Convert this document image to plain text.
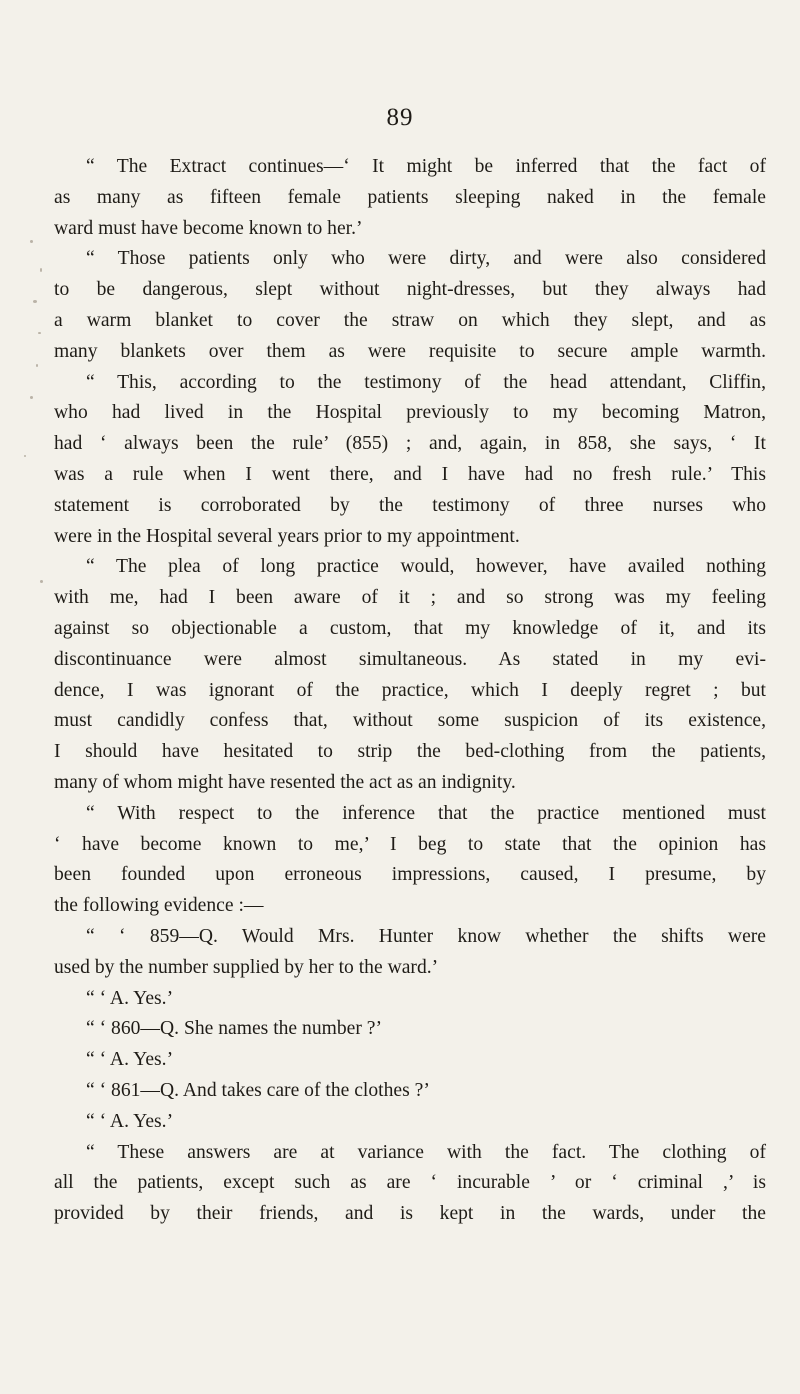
89
“ The Extract continues—‘ It might be inferred that the fact of
as many as fifteen female patients sleeping naked in the female
ward must have become known to her.’
“ Those patients only who were dirty, and were also considered
to be dangerous, slept without night-dresses, but they always had
a warm blanket to cover the straw on which they slept, and as
many blankets over them as were requisite to secure ample warmth.
“ This, according to the testimony of the head attendant, Cliffin,
who had lived in the Hospital previously to my becoming Matron,
had ‘ always been the rule’ (855) ; and, again, in 858, she says, ‘ It
was a rule when I went there, and I have had no fresh rule.’ This
statement is corroborated by the testimony of three nurses who
were in the Hospital several years prior to my appointment.
“ The plea of long practice would, however, have availed nothing
with me, had I been aware of it ; and so strong was my feeling
against so objectionable a custom, that my knowledge of it, and its
discontinuance were almost simultaneous. As stated in my evi-
dence, I was ignorant of the practice, which I deeply regret ; but
must candidly confess that, without some suspicion of its existence,
I should have hesitated to strip the bed-clothing from the patients,
many of whom might have resented the act as an indignity.
“ With respect to the inference that the practice mentioned must
‘ have become known to me,’ I beg to state that the opinion has
been founded upon erroneous impressions, caused, I presume, by
the following evidence :—
“ ‘ 859—Q. Would Mrs. Hunter know whether the shifts were
used by the number supplied by her to the ward.’
“ ‘ A. Yes.’
“ ‘ 860—Q. She names the number ?’
“ ‘ A. Yes.’
“ ‘ 861—Q. And takes care of the clothes ?’
“ ‘ A. Yes.’
“ These answers are at variance with the fact. The clothing of
all the patients, except such as are ‘ incurable ’ or ‘ criminal ,’ is
provided by their friends, and is kept in the wards, under the
